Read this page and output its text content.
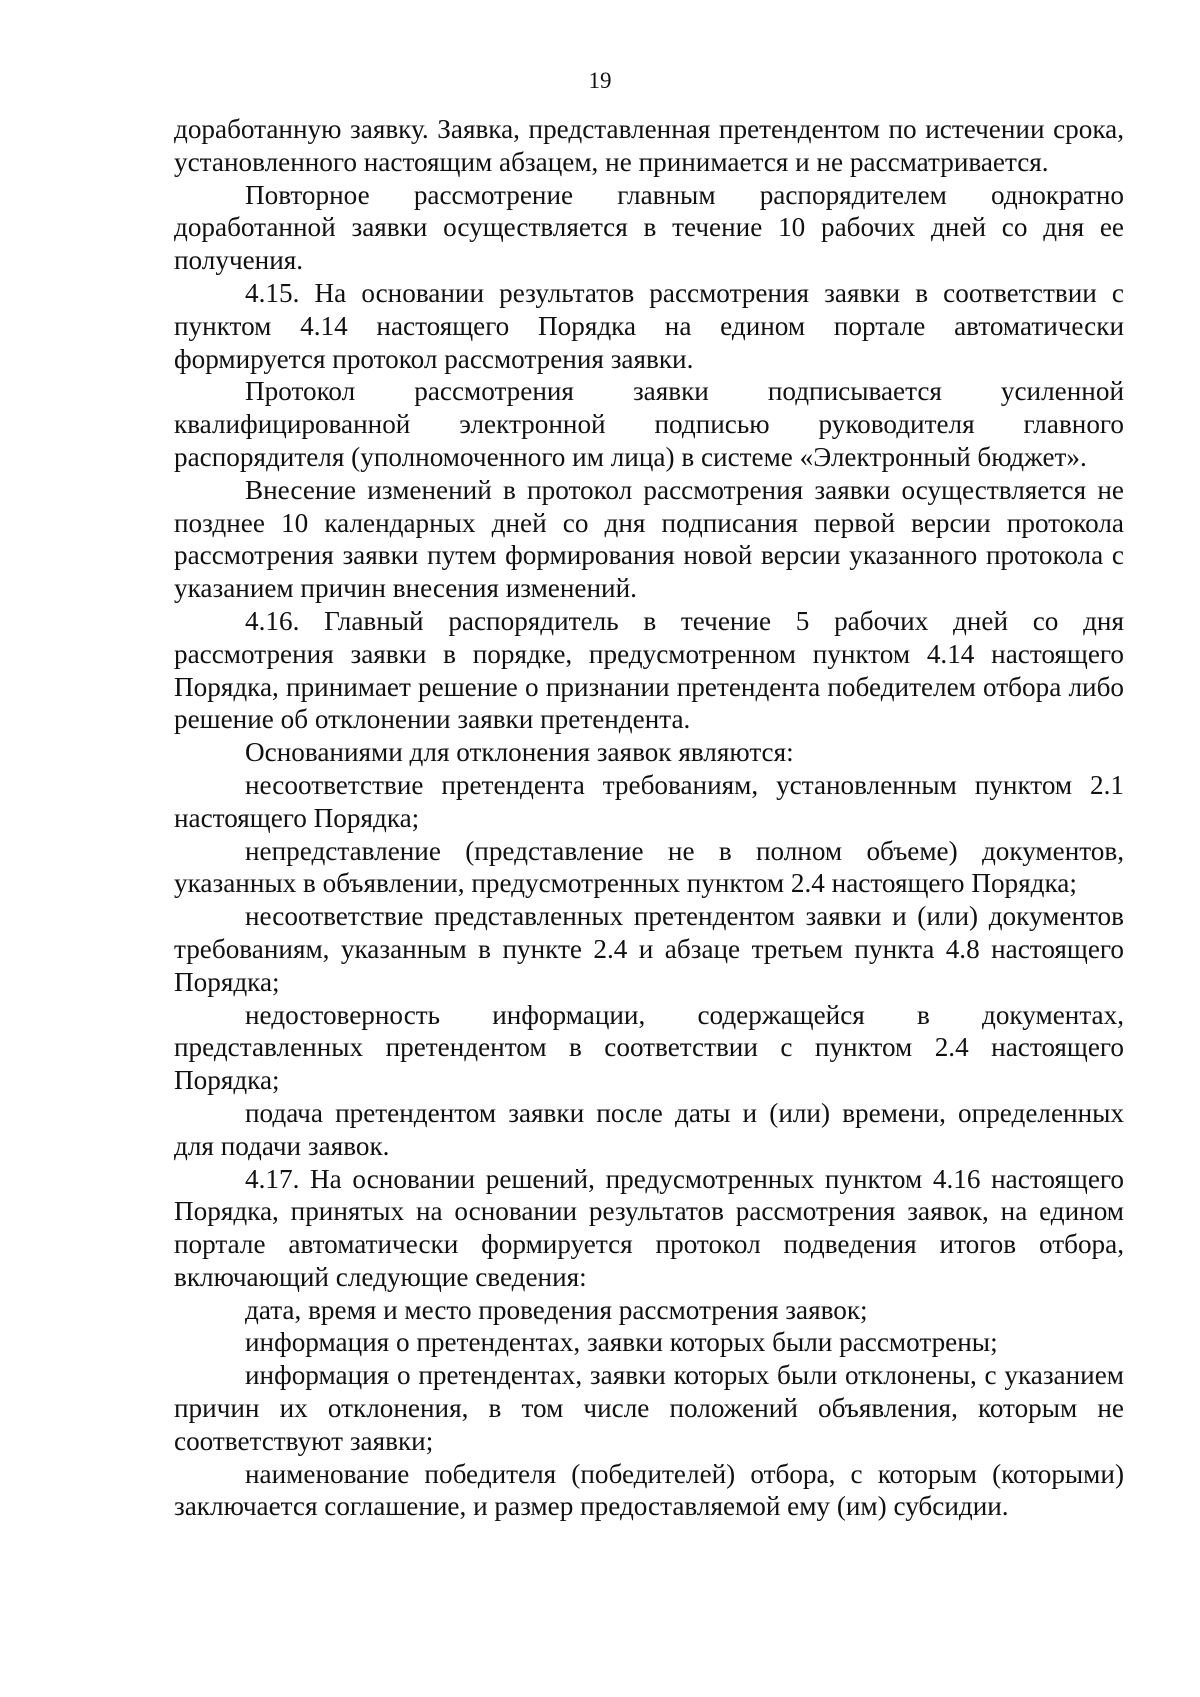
19

доработанную заявку. Заявка, представленная претендентом по истечении срока, установленного настоящим абзацем, не принимается и не рассматривается.

Повторное рассмотрение главным распорядителем однократно доработанной заявки осуществляется в течение 10 рабочих дней со дня ее получения.

4.15. На основании результатов рассмотрения заявки в соответствии с пунктом 4.14 настоящего Порядка на едином портале автоматически формируется протокол рассмотрения заявки.

Протокол рассмотрения заявки подписывается усиленной квалифицированной электронной подписью руководителя главного распорядителя (уполномоченного им лица) в системе «Электронный бюджет».

Внесение изменений в протокол рассмотрения заявки осуществляется не позднее 10 календарных дней со дня подписания первой версии протокола рассмотрения заявки путем формирования новой версии указанного протокола с указанием причин внесения изменений.

4.16. Главный распорядитель в течение 5 рабочих дней со дня рассмотрения заявки в порядке, предусмотренном пунктом 4.14 настоящего Порядка, принимает решение о признании претендента победителем отбора либо решение об отклонении заявки претендента.

Основаниями для отклонения заявок являются:

несоответствие претендента требованиям, установленным пунктом 2.1 настоящего Порядка;

непредставление (представление не в полном объеме) документов, указанных в объявлении, предусмотренных пунктом 2.4 настоящего Порядка;

несоответствие представленных претендентом заявки и (или) документов требованиям, указанным в пункте 2.4 и абзаце третьем пункта 4.8 настоящего Порядка;

недостоверность информации, содержащейся в документах, представленных претендентом в соответствии с пунктом 2.4 настоящего Порядка;

подача претендентом заявки после даты и (или) времени, определенных для подачи заявок.

4.17. На основании решений, предусмотренных пунктом 4.16 настоящего Порядка, принятых на основании результатов рассмотрения заявок, на едином портале автоматически формируется протокол подведения итогов отбора, включающий следующие сведения:

дата, время и место проведения рассмотрения заявок;

информация о претендентах, заявки которых были рассмотрены;

информация о претендентах, заявки которых были отклонены, с указанием причин их отклонения, в том числе положений объявления, которым не соответствуют заявки;

наименование победителя (победителей) отбора, с которым (которыми) заключается соглашение, и размер предоставляемой ему (им) субсидии.
